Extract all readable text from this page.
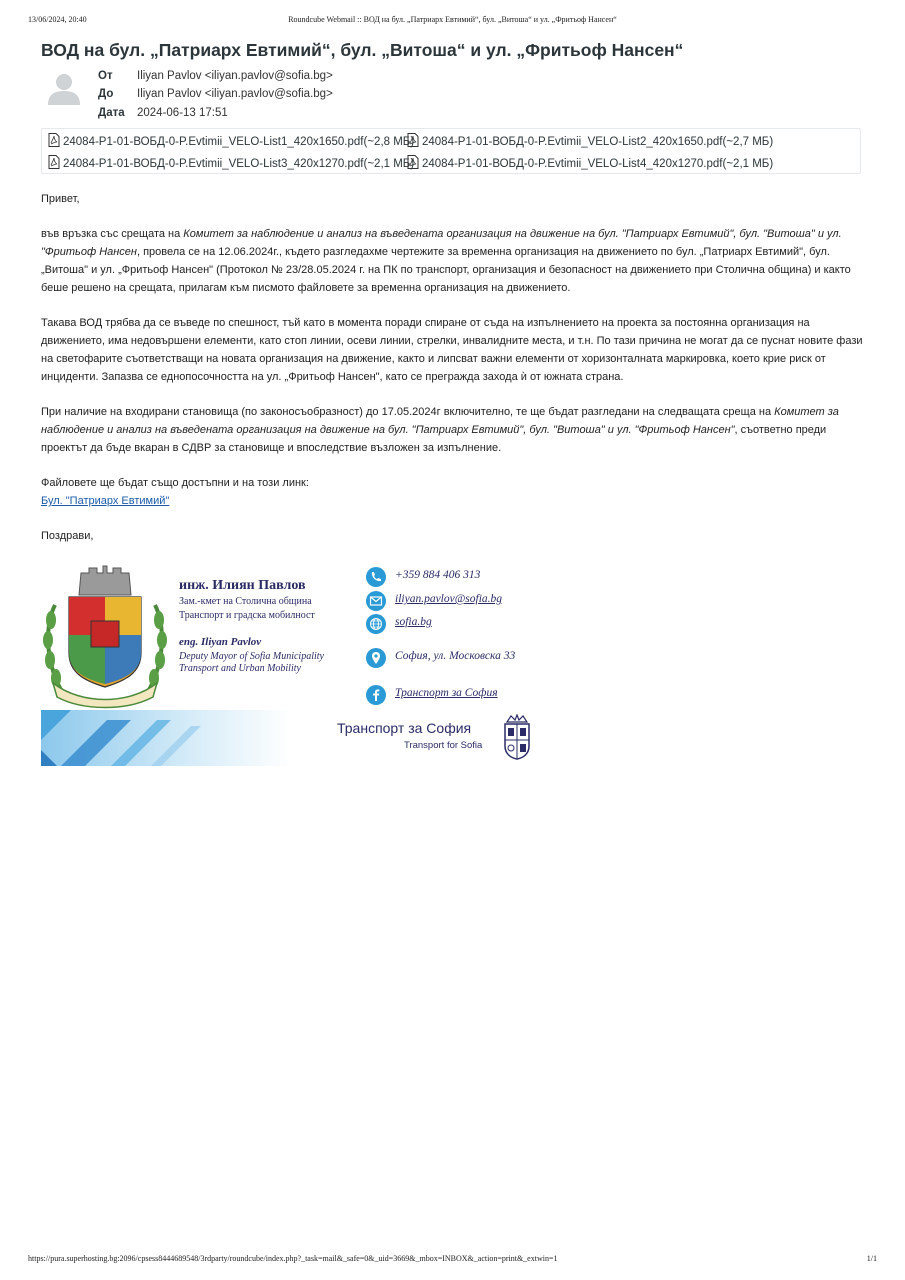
13/06/2024, 20:40	Roundcube Webmail :: ВОД на бул. „Патриарх Евтимий“, бул. „Витоша“ и ул. „Фритьоф Нансен“
ВОД на бул. „Патриарх Евтимий“, бул. „Витоша“ и ул. „Фритьоф Нансен“
От Iliyan Pavlov <iliyan.pavlov@sofia.bg>
До Iliyan Pavlov <iliyan.pavlov@sofia.bg>
Дата 2024-06-13 17:51
24084-P1-01-ВОБД-0-P.Evtimii_VELO-List1_420x1650.pdf(~2,8 МБ) 24084-P1-01-ВОБД-0-P.Evtimii_VELO-List2_420x1650.pdf(~2,7 МБ)
24084-P1-01-ВОБД-0-P.Evtimii_VELO-List3_420x1270.pdf(~2,1 МБ) 24084-P1-01-ВОБД-0-P.Evtimii_VELO-List4_420x1270.pdf(~2,1 МБ)

Привет,

във връзка със срещата на Комитет за наблюдение и анализ на въведената организация на движение на бул. "Патриарх Евтимий", бул. "Витоша" и ул. "Фритьоф Нансен, провела се на 12.06.2024г., където разгледахме чертежите за временна организация на движението по бул. „Патриарх Евтимий", бул. „Витоша" и ул. „Фритьоф Нансен" (Протокол № 23/28.05.2024 г. на ПК по транспорт, организация и безопасност на движението при Столична община) и както беше решено на срещата, прилагам към писмото файловете за временна организация на движението.

Такава ВОД трябва да се въведе по спешност, тъй като в момента поради спиране от съда на изпълнението на проекта за постоянна организация на движението, има недовършени елементи, като стоп линии, осеви линии, стрелки, инвалидните места, и т.н. По тази причина не могат да се пуснат новите фази на светофарите съответстващи на новата организация на движение, както и липсват важни елементи от хоризонталната маркировка, което крие риск от инциденти. Запазва се еднопосочността на ул. „Фритьоф Нансен", като се преграждa захода ѝ от южната страна.

При наличие на входирани становища (по законосъобразност) до 17.05.2024г включително, те ще бъдат разгледани на следващата среща на Комитет за наблюдение и анализ на въведената организация на движение на бул. "Патриарх Евтимий", бул. "Витоша" и ул. "Фритьоф Нансен", съответно преди проектът да бъде вкаран в СДВР за становище и впоследствие възложен за изпълнение.

Файловете ще бъдат също достъпни и на този линк:
Бул. "Патриарх Евтимий"

Поздрави,

инж. Илиян Павлов
Зам.-кмет на Столична община
Транспорт и градска мобилност
eng. Iliyan Pavlov
Deputy Mayor of Sofia Municipality
Transport and Urban Mobility
+359 884 406 313
iliyan.pavlov@sofia.bg
sofia.bg
София, ул. Московска 33
Транспорт за София
Транспорт за София
Transport for Sofia
https://pura.superhosting.bg:2096/cpsess8444689548/3rdparty/roundcube/index.php?_task=mail&_safe=0&_uid=3669&_mbox=INBOX&_action=print&_extwin=1	1/1
